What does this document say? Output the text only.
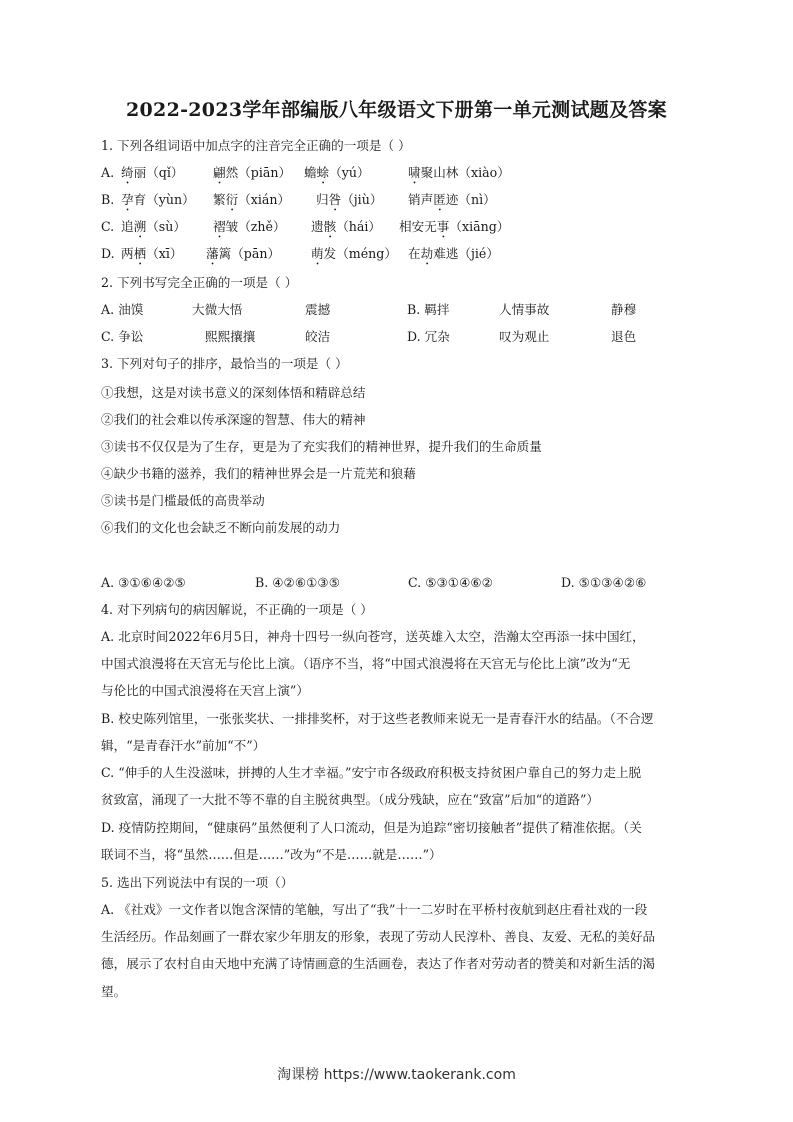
2022-2023学年部编版八年级语文下册第一单元测试题及答案
1. 下列各组词语中加点字的注音完全正确的一项是（ ）
A. 绮丽（qǐ） 翩然（piān） 蟾蜍（yú）	啸聚山林（xiào）
B. 孕育（yùn） 繁衍（xián） 归咎（jiù） 销声匿迹（nì）
C. 追溯（sù） 褶皱（zhě） 遗骸（hái） 相安无事（xiāng）
D. 两栖（xī） 藩篱（pān） 萌发（méng） 在劫难逃（jié）
2. 下列书写完全正确的一项是（ ）
A. 油馍	大微大悟	震撼	B. 羁拌	人情事故	静穆
C. 争讼	熙熙攘攘	皎洁	D. 冗杂	叹为观止	退色
3. 下列对句子的排序，最恰当的一项是（ ）
①我想，这是对读书意义的深刻体悟和精辟总结
②我们的社会难以传承深邃的智慧、伟大的精神
③读书不仅仅是为了生存，更是为了充实我们的精神世界，提升我们的生命质量
④缺少书籍的滋养，我们的精神世界会是一片荒芜和狼藉
⑤读书是门槛最低的高贵举动
⑥我们的文化也会缺乏不断向前发展的动力
A. ③①⑥④②⑤	B. ④②⑥①③⑤	C. ⑤③①④⑥②	D. ⑤①③④②⑥
4. 对下列病句的病因解说，不正确的一项是（ ）
A. 北京时间2022年6月5日，神舟十四号一纵向苍穹，送英雄入太空，浩瀚太空再添一抹中国红，
中国式浪漫将在天宫无与伦比上演。（语序不当，将“中国式浪漫将在天宫无与伦比上演”改为“无
与伦比的中国式浪漫将在天宫上演”）
B. 校史陈列馆里，一张张奖状、一排排奖杯，对于这些老教师来说无一是青春汗水的结晶。（不合逻
辑，“是青春汗水”前加“不”）
C. “伸手的人生没滋味，拼搏的人生才幸福。”安宁市各级政府积极支持贫困户靠自己的努力走上脱
贫致富，涌现了一大批不等不靠的自主脱贫典型。（成分残缺，应在“致富”后加“的道路”）
D. 疫情防控期间，“健康码”虽然便利了人口流动，但是为追踪“密切接触者”提供了精准依据。（关
联词不当，将“虽然……但是……”改为“不是……就是……”）
5. 选出下列说法中有误的一项（）
A. 《社戏》一文作者以饱含深情的笔触，写出了“我”十一二岁时在平桥村夜航到赵庄看社戏的一段
生活经历。作品刻画了一群农家少年朋友的形象，表现了劳动人民淳朴、善良、友爱、无私的美好品
德，展示了农村自由天地中充满了诗情画意的生活画卷，表达了作者对劳动者的赞美和对新生活的渴
望。
淘课榜 https://www.taokerank.com
